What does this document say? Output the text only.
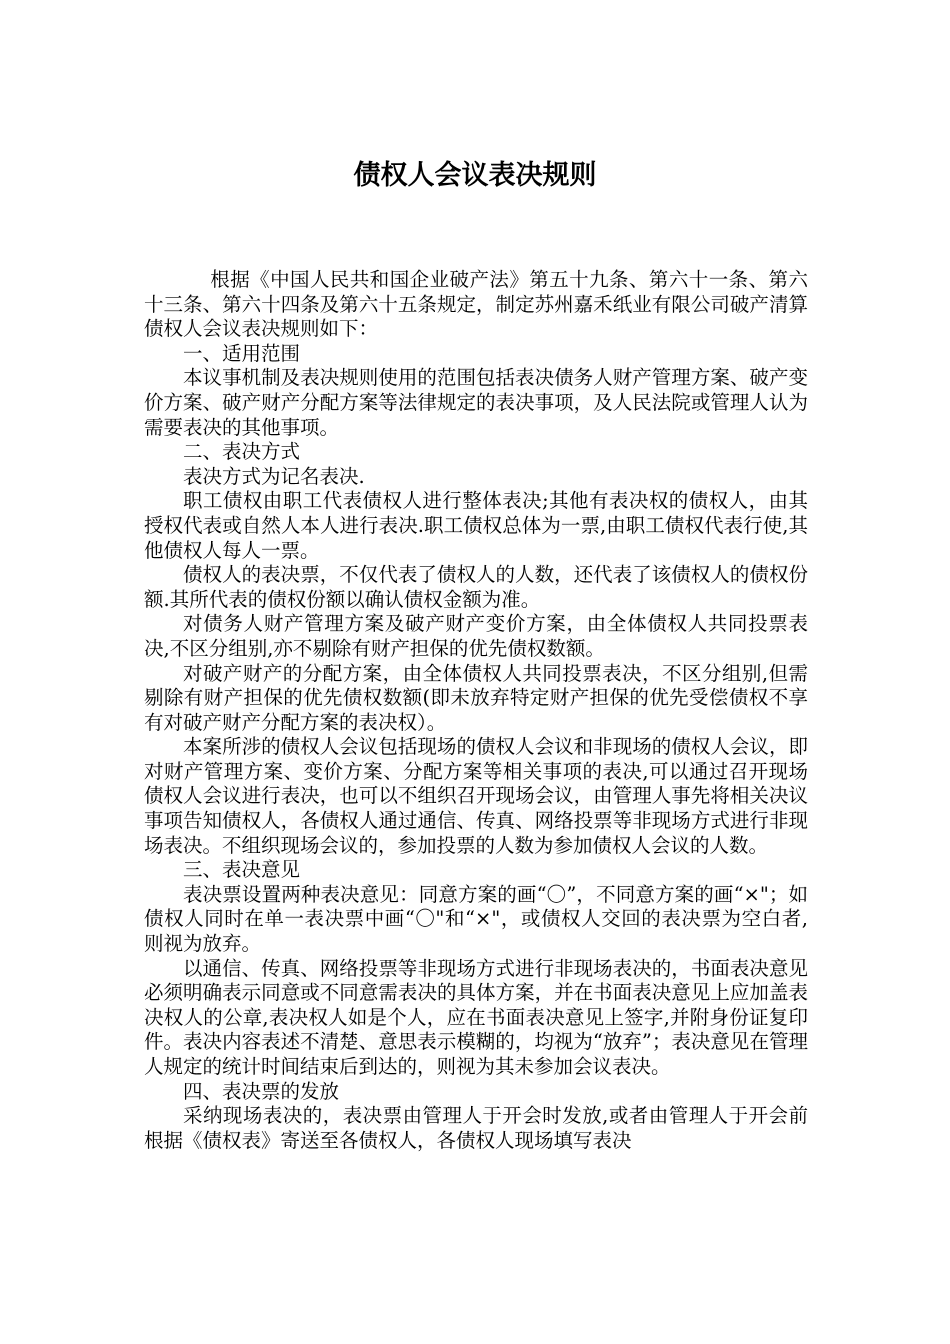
债权人会议表决规则

根据《中国人民共和国企业破产法》第五十九条、第六十一条、第六十三条、第六十四条及第六十五条规定，制定苏州嘉禾纸业有限公司破产清算债权人会议表决规则如下：

一、适用范围

本议事机制及表决规则使用的范围包括表决债务人财产管理方案、破产变价方案、破产财产分配方案等法律规定的表决事项，及人民法院或管理人认为需要表决的其他事项。

二、表决方式

表决方式为记名表决.

职工债权由职工代表债权人进行整体表决;其他有表决权的债权人，由其授权代表或自然人本人进行表决.职工债权总体为一票,由职工债权代表行使,其他债权人每人一票。

债权人的表决票，不仅代表了债权人的人数，还代表了该债权人的债权份额.其所代表的债权份额以确认债权金额为准。

对债务人财产管理方案及破产财产变价方案，由全体债权人共同投票表决,不区分组别,亦不剔除有财产担保的优先债权数额。

对破产财产的分配方案，由全体债权人共同投票表决，不区分组别,但需剔除有财产担保的优先债权数额(即未放弃特定财产担保的优先受偿债权不享有对破产财产分配方案的表决权）。

本案所涉的债权人会议包括现场的债权人会议和非现场的债权人会议，即对财产管理方案、变价方案、分配方案等相关事项的表决,可以通过召开现场债权人会议进行表决，也可以不组织召开现场会议，由管理人事先将相关决议事项告知债权人，各债权人通过通信、传真、网络投票等非现场方式进行非现场表决。不组织现场会议的，参加投票的人数为参加债权人会议的人数。

三、表决意见

表决票设置两种表决意见：同意方案的画“〇”，不同意方案的画“×"；如债权人同时在单一表决票中画“〇"和“×"，或债权人交回的表决票为空白者,则视为放弃。

以通信、传真、网络投票等非现场方式进行非现场表决的，书面表决意见必须明确表示同意或不同意需表决的具体方案，并在书面表决意见上应加盖表决权人的公章,表决权人如是个人，应在书面表决意见上签字,并附身份证复印件。表决内容表述不清楚、意思表示模糊的，均视为“放弃”；表决意见在管理人规定的统计时间结束后到达的，则视为其未参加会议表决。

四、表决票的发放

采纳现场表决的，表决票由管理人于开会时发放,或者由管理人于开会前根据《债权表》寄送至各债权人，各债权人现场填写表决
